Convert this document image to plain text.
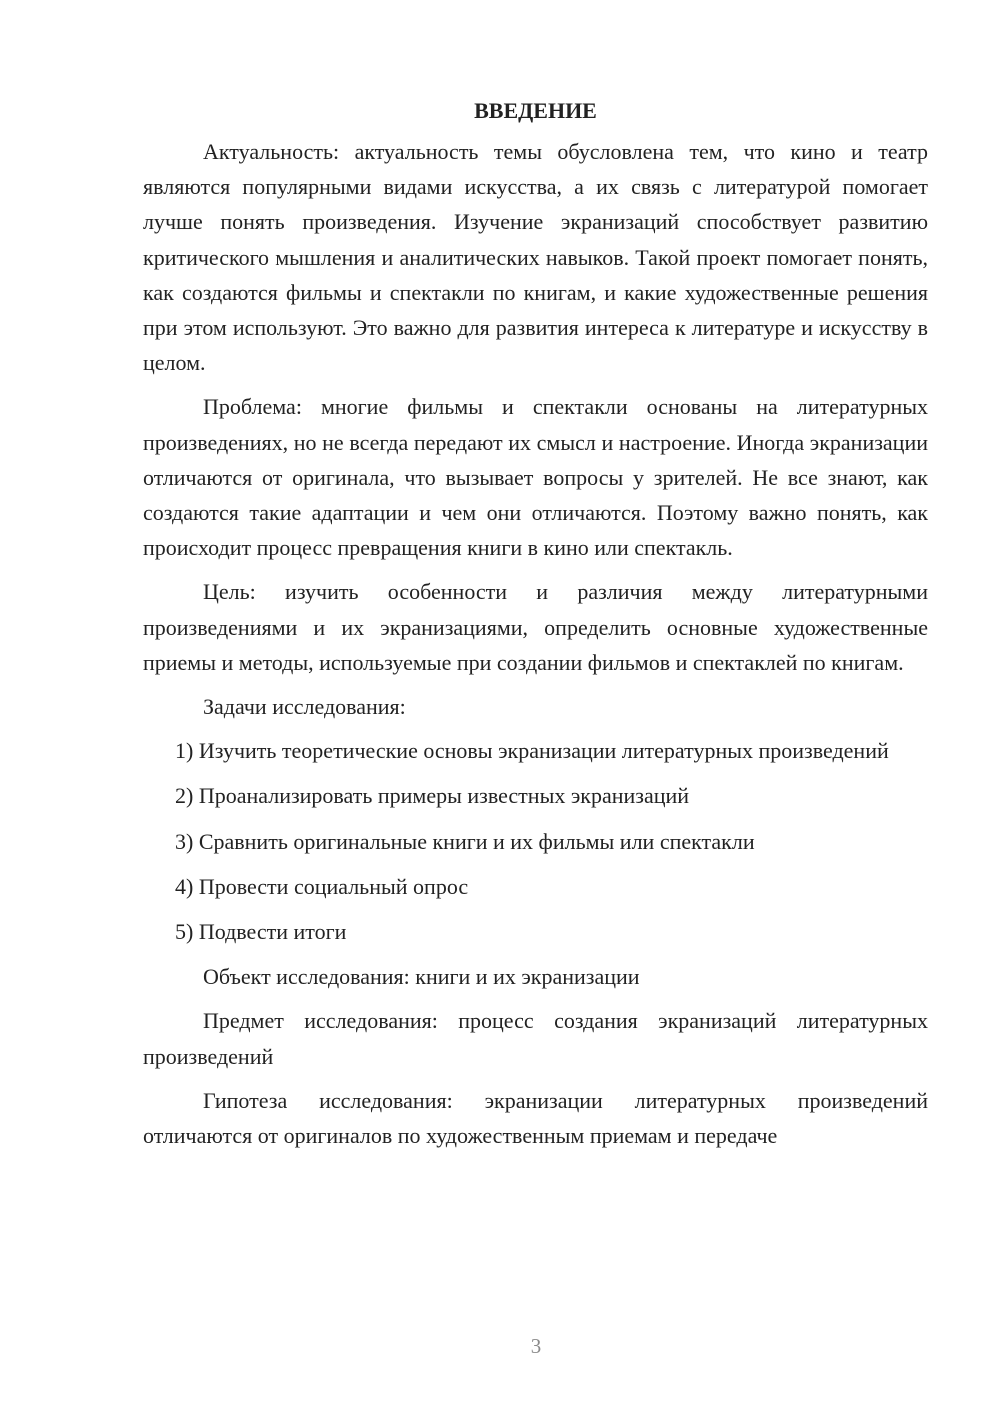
ВВЕДЕНИЕ

Актуальность: актуальность темы обусловлена тем, что кино и театр являются популярными видами искусства, а их связь с литературой помогает лучше понять произведения. Изучение экранизаций способствует развитию критического мышления и аналитических навыков. Такой проект помогает понять, как создаются фильмы и спектакли по книгам, и какие художественные решения при этом используют. Это важно для развития интереса к литературе и искусству в целом.

Проблема: многие фильмы и спектакли основаны на литературных произведениях, но не всегда передают их смысл и настроение. Иногда экранизации отличаются от оригинала, что вызывает вопросы у зрителей. Не все знают, как создаются такие адаптации и чем они отличаются. Поэтому важно понять, как происходит процесс превращения книги в кино или спектакль.

Цель: изучить особенности и различия между литературными произведениями и их экранизациями, определить основные художественные приемы и методы, используемые при создании фильмов и спектаклей по книгам.

Задачи исследования:

1) Изучить теоретические основы экранизации литературных произведений

2) Проанализировать примеры известных экранизаций

3) Сравнить оригинальные книги и их фильмы или спектакли

4) Провести социальный опрос

5) Подвести итоги

Объект исследования: книги и их экранизации

Предмет исследования: процесс создания экранизаций литературных произведений

Гипотеза исследования: экранизации литературных произведений отличаются от оригиналов по художественным приемам и передаче

3
